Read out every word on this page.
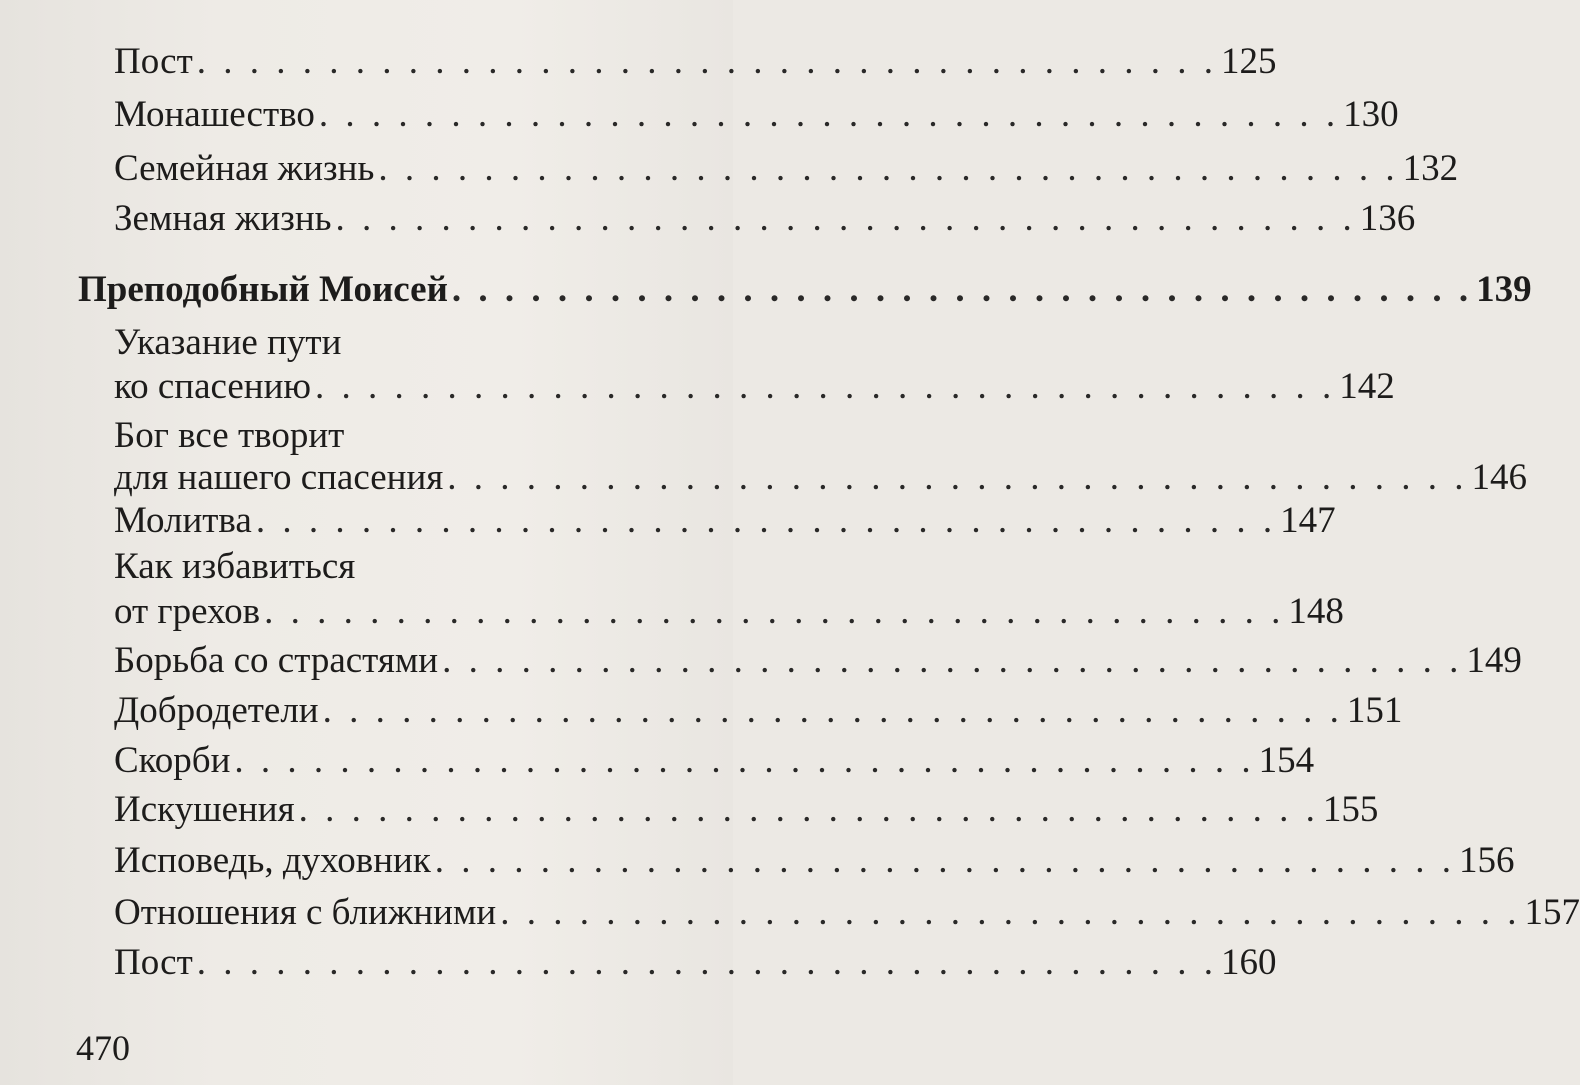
Пост . . . . . . . . . . . . . . . . . . . . . . . . . . . . . . . . . . . . . . . 125
Монашество . . . . . . . . . . . . . . . . . . . . . . . . . . . . . . . . . . . . . . . 130
Семейная жизнь . . . . . . . . . . . . . . . . . . . . . . . . . . . . . . . . . . . . . . . 132
Земная жизнь . . . . . . . . . . . . . . . . . . . . . . . . . . . . . . . . . . . . . . . 136
Преподобный Моисей . . . . . . . . . . . . . . . . . . . . . . . . . . . . . . . . . . . . . . . 139
Указание пути
ко спасению . . . . . . . . . . . . . . . . . . . . . . . . . . . . . . . . . . . . . . . 142
Бог все творит
для нашего спасения . . . . . . . . . . . . . . . . . . . . . . . . . . . . . . . . . . . . . . . 146
Молитва . . . . . . . . . . . . . . . . . . . . . . . . . . . . . . . . . . . . . . . 147
Как избавиться
от грехов . . . . . . . . . . . . . . . . . . . . . . . . . . . . . . . . . . . . . . . 148
Борьба со страстями . . . . . . . . . . . . . . . . . . . . . . . . . . . . . . . . . . . . . . . 149
Добродетели . . . . . . . . . . . . . . . . . . . . . . . . . . . . . . . . . . . . . . . 151
Скорби . . . . . . . . . . . . . . . . . . . . . . . . . . . . . . . . . . . . . . . 154
Искушения . . . . . . . . . . . . . . . . . . . . . . . . . . . . . . . . . . . . . . . 155
Исповедь, духовник . . . . . . . . . . . . . . . . . . . . . . . . . . . . . . . . . . . . . . . 156
Отношения с ближними . . . . . . . . . . . . . . . . . . . . . . . . . . . . . . . . . . . . . . . 157
Пост . . . . . . . . . . . . . . . . . . . . . . . . . . . . . . . . . . . . . . . 160
470
